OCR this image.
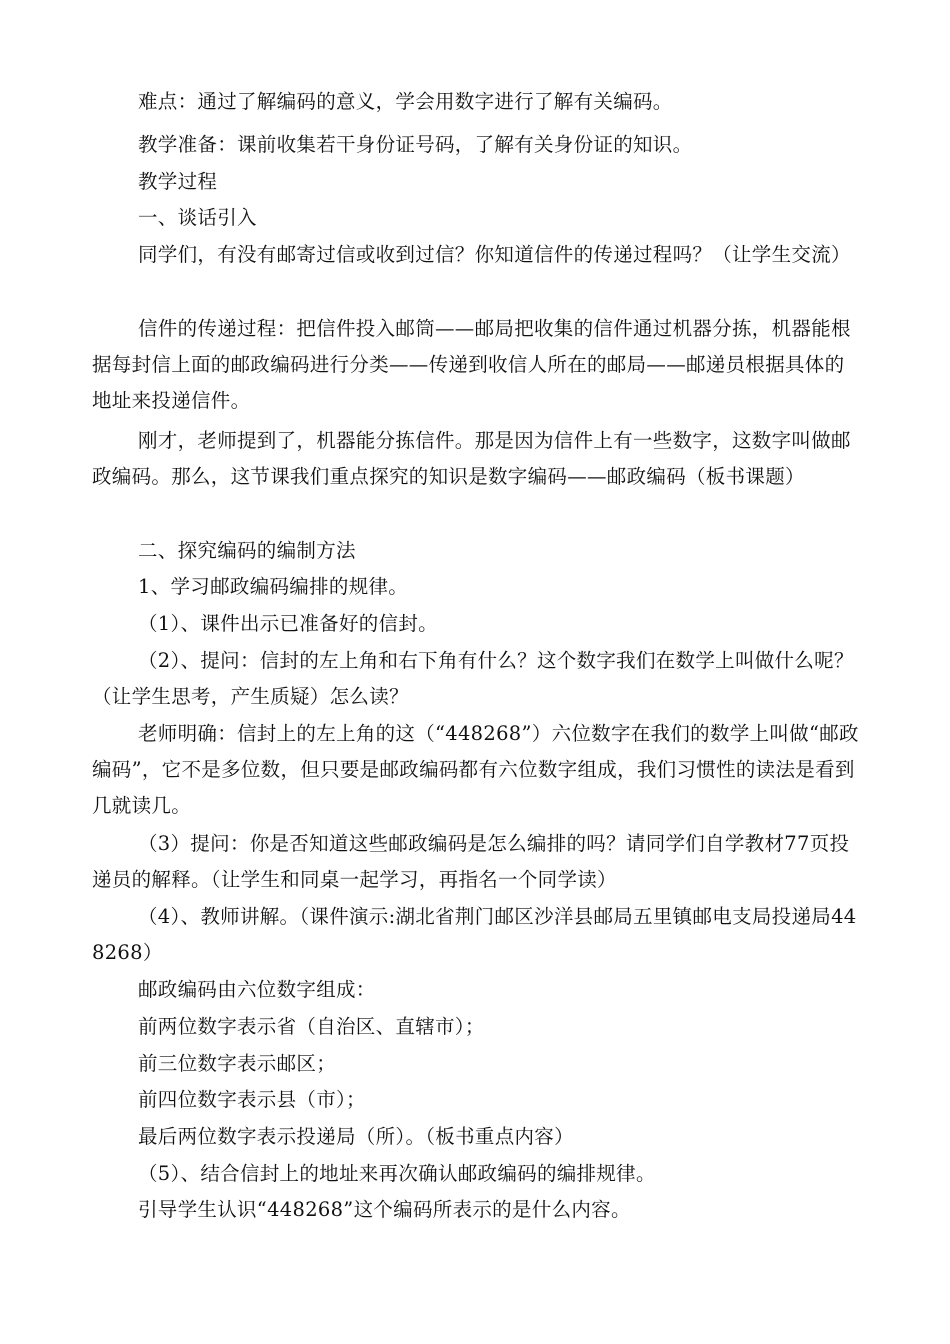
难点：通过了解编码的意义，学会用数字进行了解有关编码。

教学准备：课前收集若干身份证号码，了解有关身份证的知识。

教学过程

一、谈话引入

同学们，有没有邮寄过信或收到过信？你知道信件的传递过程吗？（让学生交流）

信件的传递过程：把信件投入邮筒——邮局把收集的信件通过机器分拣，机器能根据每封信上面的邮政编码进行分类——传递到收信人所在的邮局——邮递员根据具体的地址来投递信件。

刚才，老师提到了，机器能分拣信件。那是因为信件上有一些数字，这数字叫做邮政编码。那么，这节课我们重点探究的知识是数字编码——邮政编码（板书课题）

二、探究编码的编制方法

1、学习邮政编码编排的规律。

（1）、课件出示已准备好的信封。

（2）、提问：信封的左上角和右下角有什么？这个数字我们在数学上叫做什么呢？（让学生思考，产生质疑）怎么读？

老师明确：信封上的左上角的这（“448268”）六位数字在我们的数学上叫做“邮政编码”，它不是多位数，但只要是邮政编码都有六位数字组成，我们习惯性的读法是看到几就读几。

（3）提问：你是否知道这些邮政编码是怎么编排的吗？请同学们自学教材77页投递员的解释。（让学生和同桌一起学习，再指名一个同学读）

（4）、教师讲解。（课件演示:湖北省荆门邮区沙洋县邮局五里镇邮电支局投递局448268）

邮政编码由六位数字组成：

前两位数字表示省（自治区、直辖市）；

前三位数字表示邮区；

前四位数字表示县（市）；

最后两位数字表示投递局（所）。（板书重点内容）

（5）、结合信封上的地址来再次确认邮政编码的编排规律。

引导学生认识“448268”这个编码所表示的是什么内容。
